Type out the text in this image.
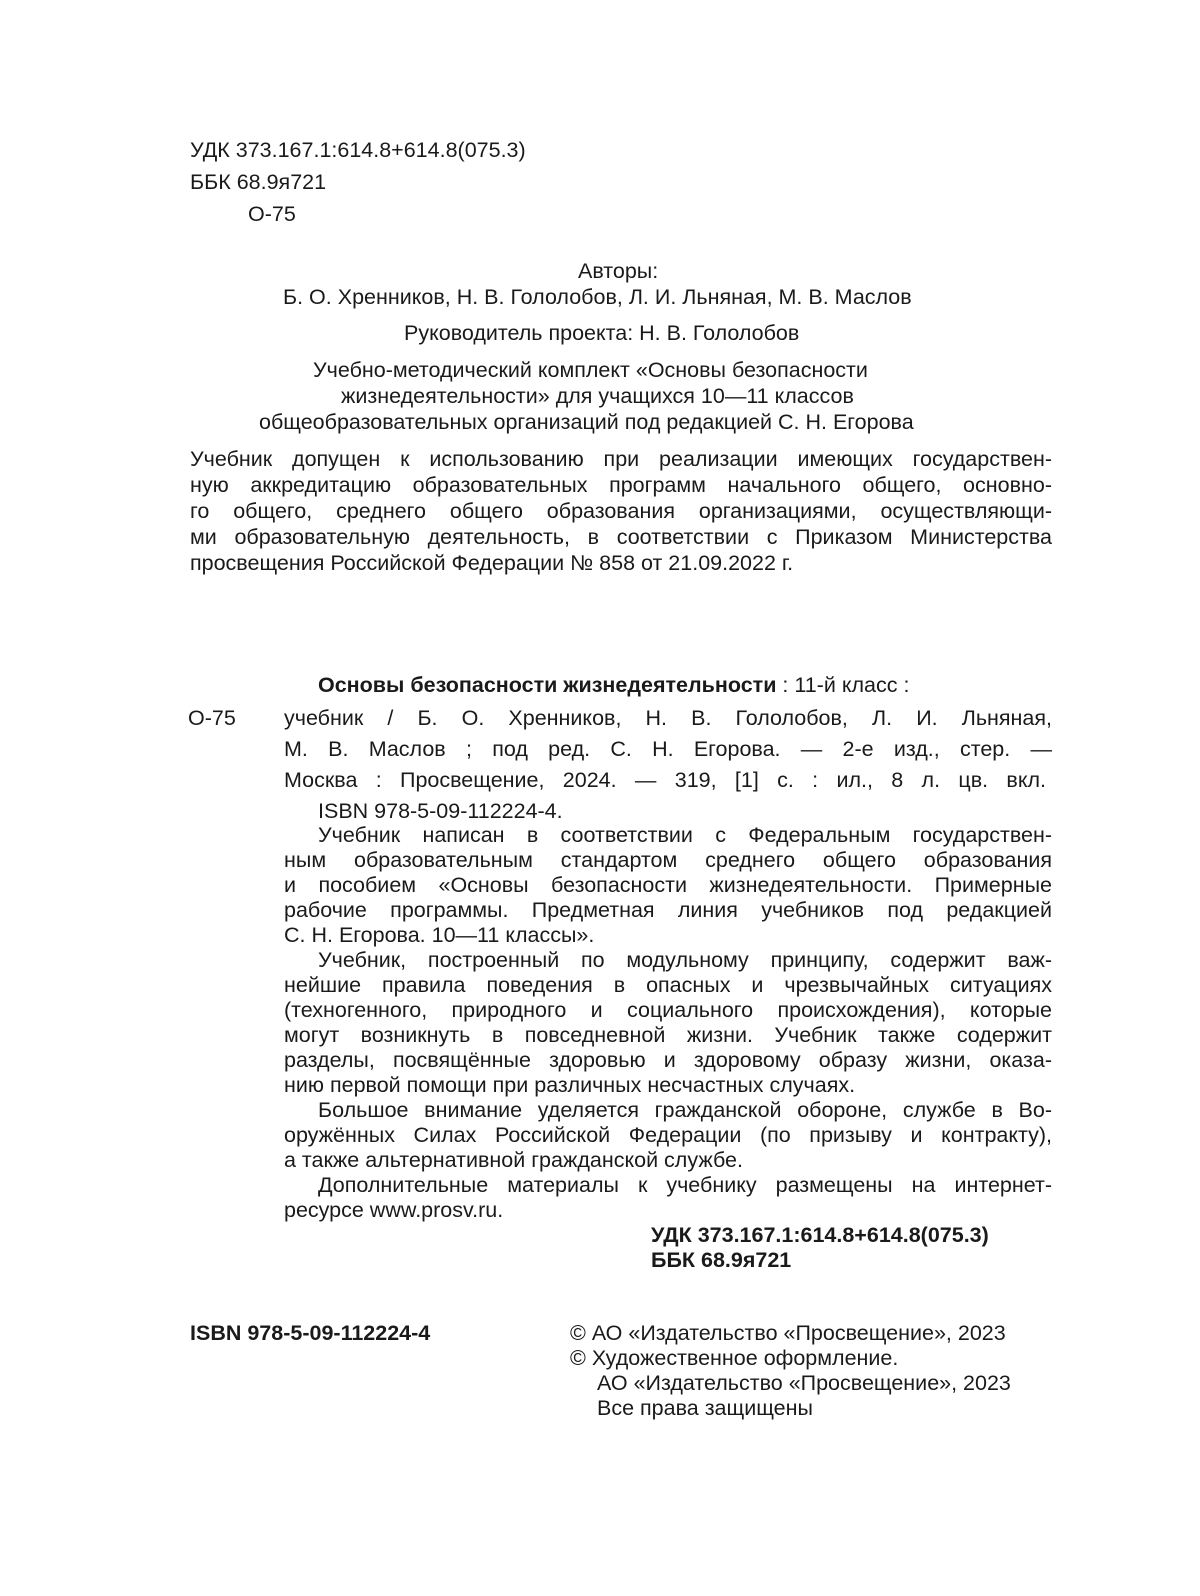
УДК 373.167.1:614.8+614.8(075.3)

ББК 68.9я721

О-75

Авторы:

Б. О. Хренников, Н. В. Гололобов, Л. И. Льняная, М. В. Маслов

Руководитель проекта: Н. В. Гололобов

Учебно-методический комплект «Основы безопасности

жизнедеятельности» для учащихся 10—11 классов

общеобразовательных организаций под редакцией С. Н. Егорова

Учебник допущен к использованию при реализации имеющих государствен-
ную аккредитацию образовательных программ начального общего, основно-
го общего, среднего общего образования организациями, осуществляющи-
ми образовательную деятельность, в соответствии с Приказом Министерства

просвещения Российской Федерации № 858 от 21.09.2022 г.

Основы безопасности жизнедеятельности : 11-й класс :

О-75 учебник / Б. О. Хренников, Н. В. Гололобов, Л. И. Льняная,
М. В. Маслов ; под ред. С. Н. Егорова. — 2-е изд., стер. —
Москва : Просвещение, 2024. — 319, [1] с. : ил., 8 л. цв. вкл.

ISBN 978-5-09-112224-4.

Учебник написан в соответствии с Федеральным государствен-
ным образовательным стандартом среднего общего образования
и пособием «Основы безопасности жизнедеятельности. Примерные
рабочие программы. Предметная линия учебников под редакцией

С. Н. Егорова. 10—11 классы».

Учебник, построенный по модульному принципу, содержит важ-
нейшие правила поведения в опасных и чрезвычайных ситуациях
(техногенного, природного и социального происхождения), которые
могут возникнуть в повседневной жизни. Учебник также содержит
разделы, посвящённые здоровью и здоровому образу жизни, оказа-

нию первой помощи при различных несчастных случаях.

Большое внимание уделяется гражданской обороне, службе в Во-
оружённых Силах Российской Федерации (по призыву и контракту),

а также альтернативной гражданской службе.

Дополнительные материалы к учебнику размещены на интернет-

ресурсе www.prosv.ru.

УДК 373.167.1:614.8+614.8(075.3)

ББК 68.9я721

ISBN 978-5-09-112224-4	© АО «Издательство «Просвещение», 2023

© Художественное оформление.

АО «Издательство «Просвещение», 2023

Все права защищены
